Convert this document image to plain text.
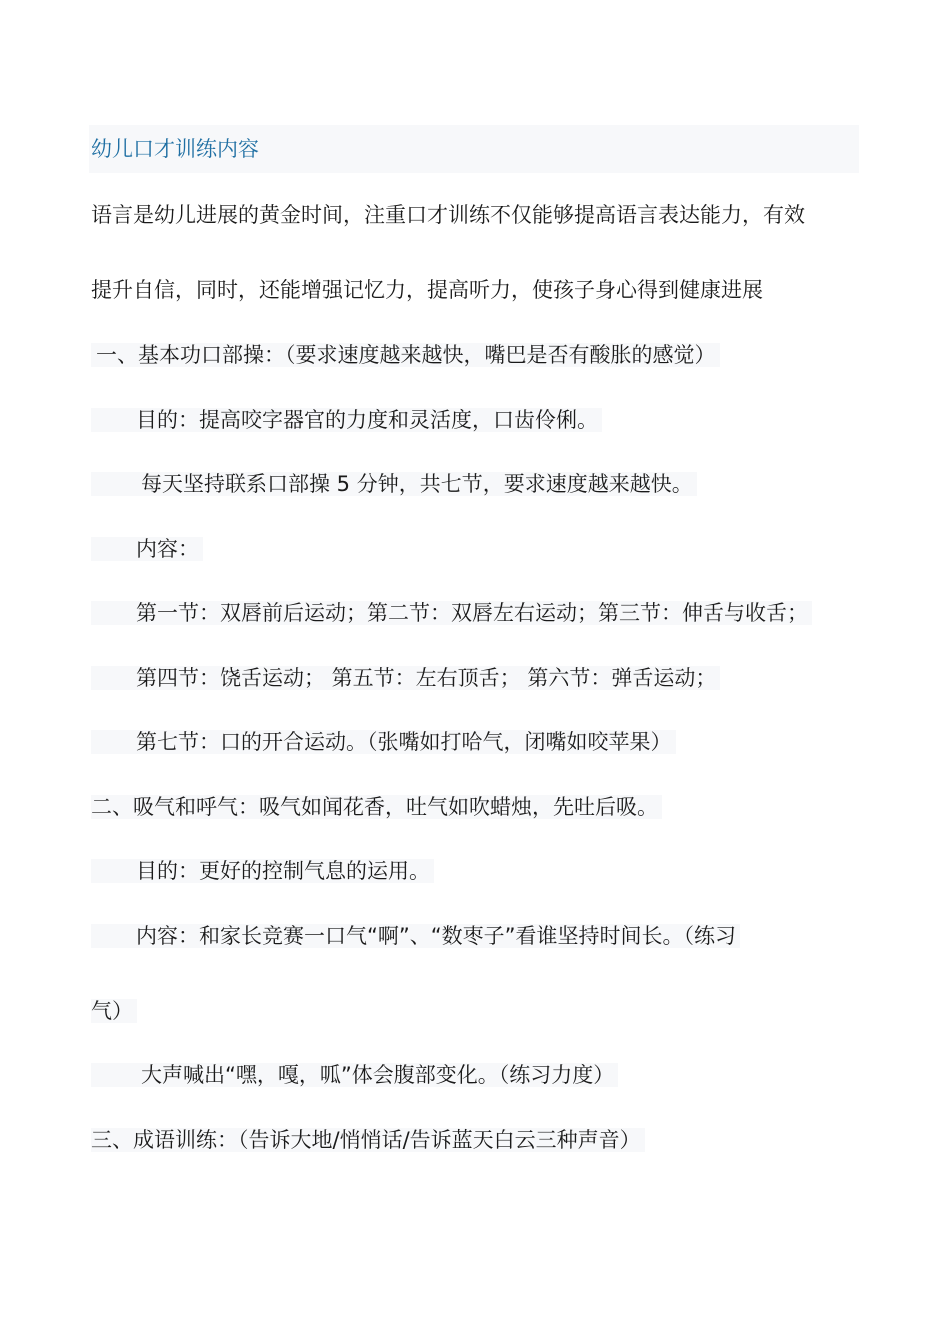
幼儿口才训练内容
语言是幼儿进展的黄金时间，注重口才训练不仅能够提高语言表达能力，有效
提升自信，同时，还能增强记忆力，提高听力，使孩子身心得到健康进展
一、基本功口部操：（要求速度越来越快，嘴巴是否有酸胀的感觉）
目的：提高咬字器官的力度和灵活度，口齿伶俐。
每天坚持联系口部操 5 分钟，共七节，要求速度越来越快。
内容：
第一节：双唇前后运动；第二节：双唇左右运动；第三节：伸舌与收舌；
第四节：饶舌运动； 第五节：左右顶舌； 第六节：弹舌运动；
第七节：口的开合运动。（张嘴如打哈气，闭嘴如咬苹果）
二、吸气和呼气：吸气如闻花香，吐气如吹蜡烛，先吐后吸。
目的：更好的控制气息的运用。
内容：和家长竞赛一口气“啊”、“数枣子”看谁坚持时间长。（练习
气）
大声喊出“嘿，嘎，呱”体会腹部变化。（练习力度）
三、成语训练：（告诉大地/悄悄话/告诉蓝天白云三种声音）
